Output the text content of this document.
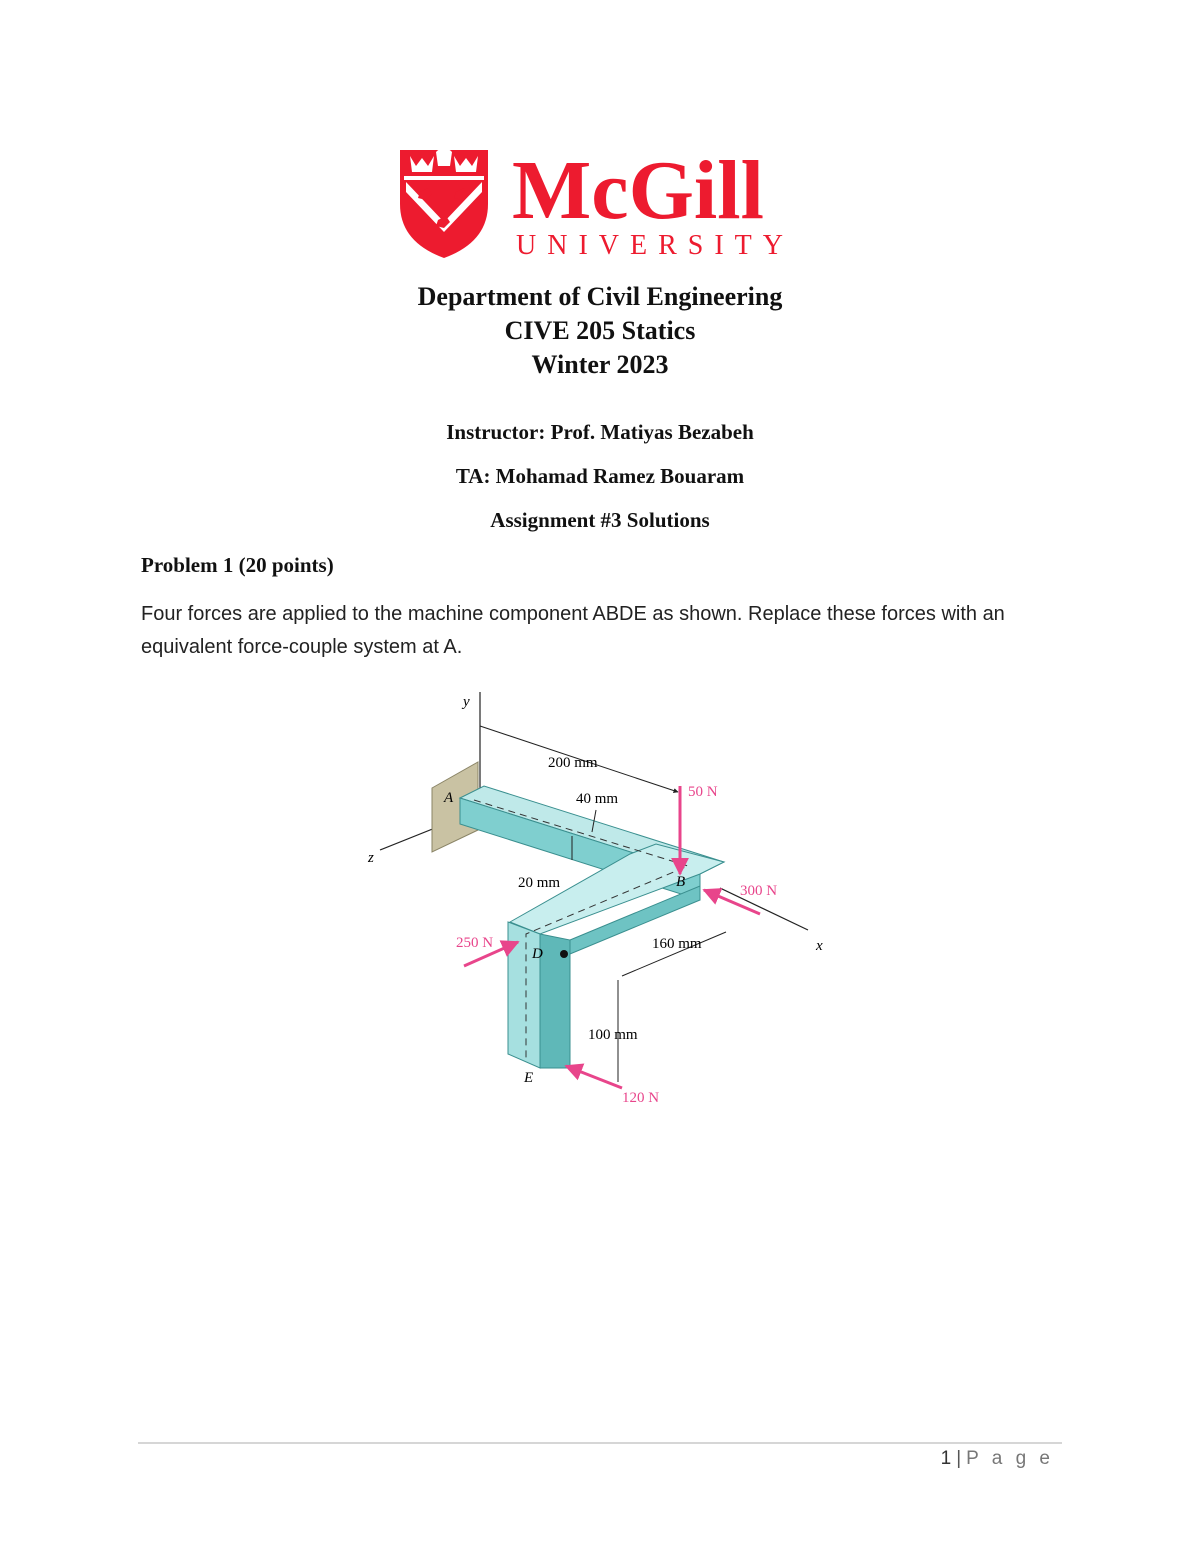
McGill
UNIVERSITY
Department of Civil Engineering
CIVE 205 Statics
Winter 2023
Instructor: Prof. Matiyas Bezabeh
TA: Mohamad Ramez Bouaram
Assignment #3 Solutions
Problem 1 (20 points)
Four forces are applied to the machine component ABDE as shown. Replace these forces with an equivalent force-couple system at A.
y
z
x
A
B
D
E
200 mm
40 mm
20 mm
160 mm
100 mm
50 N
300 N
250 N
120 N
1 | P a g e
